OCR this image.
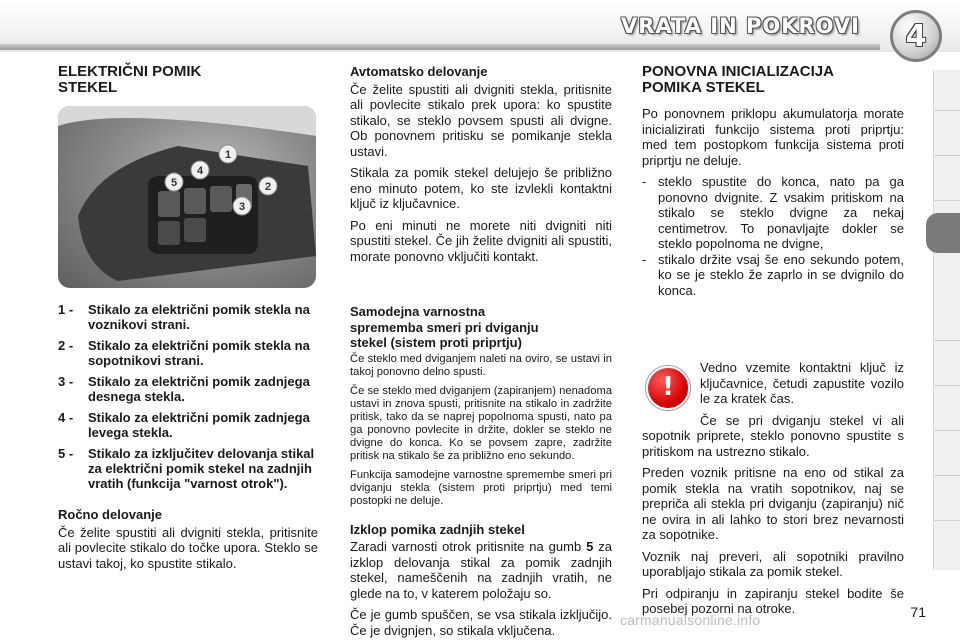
VRATA IN POKROVI 4
ELEKTRIČNI POMIK
STEKEL
1
2
3
4
5
1 -	Stikalo za električni pomik stekla na voznikovi strani.
2 -	Stikalo za električni pomik stekla na sopotnikovi strani.
3 -	Stikalo za električni pomik zadnjega desnega stekla.
4 -	Stikalo za električni pomik zadnjega levega stekla.
5 -	Stikalo za izključitev delovanja stikal za električni pomik stekel na zadnjih vratih (funkcija "varnost otrok").
Ročno delovanje

Če želite spustiti ali dvigniti stekla, pritisnite ali povlecite stikalo do točke upora. Steklo se ustavi takoj, ko spustite stikalo.

Avtomatsko delovanje

Če želite spustiti ali dvigniti stekla, pritisnite ali povlecite stikalo prek upora: ko spustite stikalo, se steklo povsem spusti ali dvigne. Ob ponovnem pritisku se pomikanje stekla ustavi.

Stikala za pomik stekel delujejo še približno eno minuto potem, ko ste izvlekli kontaktni ključ iz ključavnice.

Po eni minuti ne morete niti dvigniti niti spustiti stekel. Če jih želite dvigniti ali spustiti, morate ponovno vključiti kontakt.

Samodejna varnostna
sprememba smeri pri dviganju
stekel (sistem proti priprtju)

Če steklo med dviganjem naleti na oviro, se ustavi in takoj ponovno delno spusti.

Če se steklo med dviganjem (zapiranjem) nenadoma ustavi in znova spusti, pritisnite na stikalo in zadržite pritisk, tako da se naprej popolnoma spusti, nato pa ga ponovno povlecite in držite, dokler se steklo ne dvigne do konca. Ko se povsem zapre, zadržite pritisk na stikalo še za približno eno sekundo.

Funkcija samodejne varnostne spremembe smeri pri dviganju stekla (sistem proti priprtju) med temi postopki ne deluje.

Izklop pomika zadnjih stekel

Zaradi varnosti otrok pritisnite na gumb 5 za izklop delovanja stikal za pomik zadnjih stekel, nameščenih na zadnjih vratih, ne glede na to, v katerem položaju so.

Če je gumb spuščen, se vsa stikala izključijo. Če je dvignjen, so stikala vključena.

PONOVNA INICIALIZACIJA
POMIKA STEKEL

Po ponovnem priklopu akumulatorja morate inicializirati funkcijo sistema proti priprtju: med tem postopkom funkcija sistema proti priprtju ne deluje.

- steklo spustite do konca, nato pa ga ponovno dvignite. Z vsakim pritiskom na stikalo se steklo dvigne za nekaj centimetrov. To ponavljajte dokler se steklo popolnoma ne dvigne,
- stikalo držite vsaj še eno sekundo potem, ko se je steklo že zaprlo in se dvignilo do konca.
!

Vedno vzemite kontaktni ključ iz ključavnice, četudi zapustite vozilo le za kratek čas.

Če se pri dviganju stekel vi ali sopotnik priprete, steklo ponovno spustite s pritiskom na ustrezno stikalo.

Preden voznik pritisne na eno od stikal za pomik stekla na vratih sopotnikov, naj se prepriča ali stekla pri dviganju (zapiranju) nič ne ovira in ali lahko to stori brez nevarnosti za sopotnike.

Voznik naj preveri, ali sopotniki pravilno uporabljajo stikala za pomik stekel.

Pri odpiranju in zapiranju stekel bodite še posebej pozorni na otroke.	71
carmanualsonline.info
